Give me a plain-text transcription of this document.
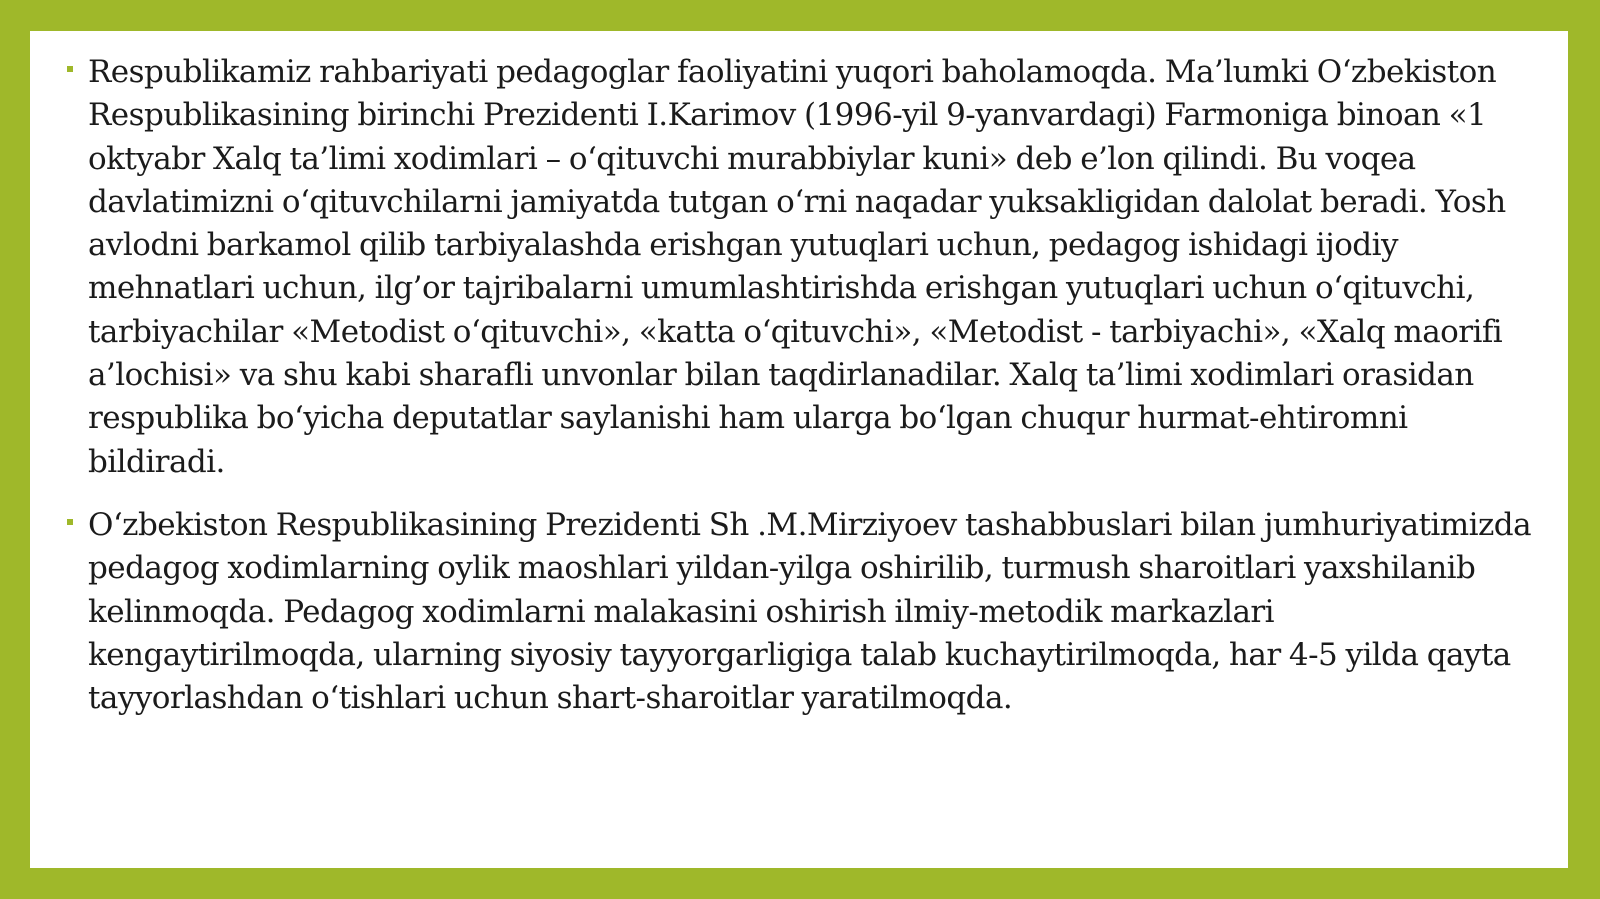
Respublikamiz rahbariyati pedagoglar faoliyatini yuqori baholamoqda. Ma’lumki O‘zbekiston Respublikasining birinchi Prezidenti I.Karimov (1996-yil 9-yanvardagi) Farmoniga binoan «1 oktyabr Xalq ta’limi xodimlari – o‘qituvchi murabbiylar kuni» deb e’lon qilindi. Bu voqea davlatimizni o‘qituvchilarni jamiyatda tutgan o‘rni naqadar yuksakligidan dalolat beradi. Yosh avlodni barkamol qilib tarbiyalashda erishgan yutuqlari uchun, pedagog ishidagi ijodiy mehnatlari uchun, ilg’or tajribalarni umumlashtirishda erishgan yutuqlari uchun o‘qituvchi, tarbiyachilar «Metodist o‘qituvchi», «katta o‘qituvchi», «Metodist - tarbiyachi», «Xalq maorifi a’lochisi» va shu kabi sharafli unvonlar bilan taqdirlanadilar. Xalq ta’limi xodimlari orasidan respublika bo‘yicha deputatlar saylanishi ham ularga bo‘lgan chuqur hurmat-ehtiromni bildiradi.
O‘zbekiston Respublikasining Prezidenti Sh .M.Mirziyoev tashabbuslari bilan jumhuriyatimizda pedagog xodimlarning oylik maoshlari yildan-yilga oshirilib, turmush sharoitlari yaxshilanib kelinmoqda. Pedagog xodimlarni malakasini oshirish ilmiy-metodik markazlari kengaytirilmoqda, ularning siyosiy tayyorgarligiga talab kuchaytirilmoqda, har 4-5 yilda qayta tayyorlashdan o‘tishlari uchun shart-sharoitlar yaratilmoqda.
